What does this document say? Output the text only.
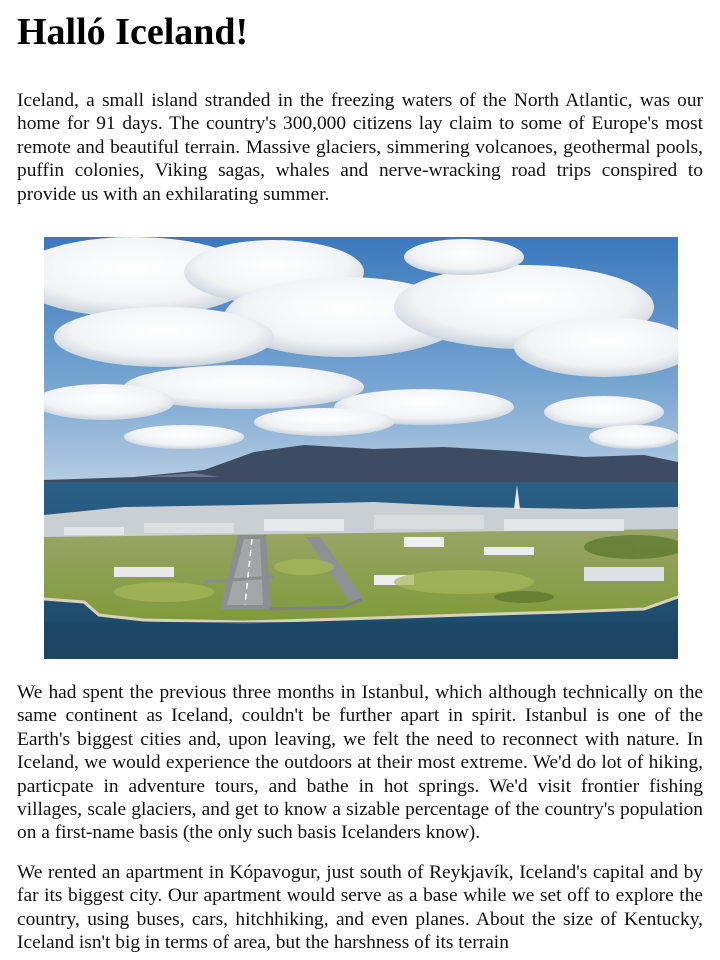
Halló Iceland!

Iceland, a small island stranded in the freezing waters of the North Atlantic, was our home for 91 days. The country's 300,000 citizens lay claim to some of Europe's most remote and beautiful terrain. Massive glaciers, simmering volcanoes, geothermal pools, puffin colonies, Viking sagas, whales and nerve-wracking road trips conspired to provide us with an exhilarating summer.

We had spent the previous three months in Istanbul, which although technically on the same continent as Iceland, couldn't be further apart in spirit. Istanbul is one of the Earth's biggest cities and, upon leaving, we felt the need to reconnect with nature. In Iceland, we would experience the outdoors at their most extreme. We'd do lot of hiking, particpate in adventure tours, and bathe in hot springs. We'd visit frontier fishing villages, scale glaciers, and get to know a sizable percentage of the country's population on a first-name basis (the only such basis Icelanders know).

We rented an apartment in Kópavogur, just south of Reykjavík, Iceland's capital and by far its biggest city. Our apartment would serve as a base while we set off to explore the country, using buses, cars, hitchhiking, and even planes. About the size of Kentucky, Iceland isn't big in terms of area, but the harshness of its terrain
